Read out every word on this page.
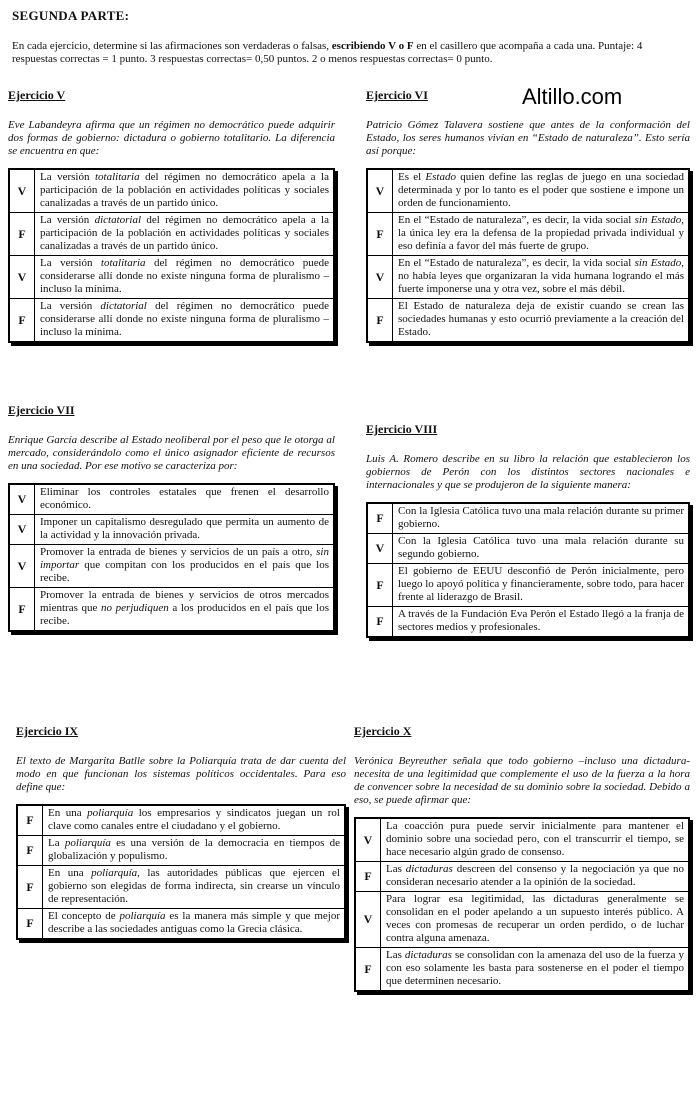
SEGUNDA PARTE:
En cada ejercicio, determine si las afirmaciones son verdaderas o falsas, escribiendo V o F en el casillero que acompaña a cada una. Puntaje: 4 respuestas correctas = 1 punto. 3 respuestas correctas= 0,50 puntos. 2 o menos respuestas correctas= 0 punto.
Altillo.com
Ejercicio V
Eve Labandeyra afirma que un régimen no democrático puede adquirir dos formas de gobierno: dictadura o gobierno totalitario. La diferencia se encuentra en que:
V	La versión totalitaria del régimen no democrático apela a la participación de la población en actividades políticas y sociales canalizadas a través de un partido único.
F	La versión dictatorial del régimen no democrático apela a la participación de la población en actividades políticas y sociales canalizadas a través de un partido único.
V	La versión totalitaria del régimen no democrático puede considerarse allí donde no existe ninguna forma de pluralismo –incluso la mínima.
F	La versión dictatorial del régimen no democrático puede considerarse allí donde no existe ninguna forma de pluralismo –incluso la mínima.
Ejercicio VI
Patricio Gómez Talavera sostiene que antes de la conformación del Estado, los seres humanos vivían en “Estado de naturaleza”. Esto sería así porque:
V	Es el Estado quien define las reglas de juego en una sociedad determinada y por lo tanto es el poder que sostiene e impone un orden de funcionamiento.
F	En el “Estado de naturaleza”, es decir, la vida social sin Estado, la única ley era la defensa de la propiedad privada individual y eso definía a favor del más fuerte de grupo.
V	En el “Estado de naturaleza”, es decir, la vida social sin Estado, no había leyes que organizaran la vida humana logrando el más fuerte imponerse una y otra vez, sobre el más débil.
F	El Estado de naturaleza deja de existir cuando se crean las sociedades humanas y esto ocurrió previamente a la creación del Estado.
Ejercicio VII
Enrique García describe al Estado neoliberal por el peso que le otorga al mercado, considerándolo como el único asignador eficiente de recursos en una sociedad. Por ese motivo se caracteriza por:
V	Eliminar los controles estatales que frenen el desarrollo económico.
V	Imponer un capitalismo desregulado que permita un aumento de la actividad y la innovación privada.
V	Promover la entrada de bienes y servicios de un país a otro, sin importar que compitan con los producidos en el país que los recibe.
F	Promover la entrada de bienes y servicios de otros mercados mientras que no perjudiquen a los producidos en el país que los recibe.
Ejercicio VIII
Luis A. Romero describe en su libro la relación que establecieron los gobiernos de Perón con los distintos sectores nacionales e internacionales y que se produjeron de la siguiente manera:
F	Con la Iglesia Católica tuvo una mala relación durante su primer gobierno.
V	Con la Iglesia Católica tuvo una mala relación durante su segundo gobierno.
F	El gobierno de EEUU desconfió de Perón inicialmente, pero luego lo apoyó política y financieramente, sobre todo, para hacer frente al liderazgo de Brasil.
F	A través de la Fundación Eva Perón el Estado llegó a la franja de sectores medios y profesionales.
Ejercicio IX
El texto de Margarita Batlle sobre la Poliarquía trata de dar cuenta del modo en que funcionan los sistemas políticos occidentales. Para eso define que:
F	En una poliarquía los empresarios y sindicatos juegan un rol clave como canales entre el ciudadano y el gobierno.
F	La poliarquía es una versión de la democracia en tiempos de globalización y populismo.
F	En una poliarquía, las autoridades públicas que ejercen el gobierno son elegidas de forma indirecta, sin crearse un vínculo de representación.
F	El concepto de poliarquía es la manera más simple y que mejor describe a las sociedades antiguas como la Grecia clásica.
Ejercicio X
Verónica Beyreuther señala que todo gobierno –incluso una dictadura- necesita de una legitimidad que complemente el uso de la fuerza a la hora de convencer sobre la necesidad de su dominio sobre la sociedad. Debido a eso, se puede afirmar que:
V	La coacción pura puede servir inicialmente para mantener el dominio sobre una sociedad pero, con el transcurrir el tiempo, se hace necesario algún grado de consenso.
F	Las dictaduras descreen del consenso y la negociación ya que no consideran necesario atender a la opinión de la sociedad.
V	Para lograr esa legitimidad, las dictaduras generalmente se consolidan en el poder apelando a un supuesto interés público. A veces con promesas de recuperar un orden perdido, o de luchar contra alguna amenaza.
F	Las dictaduras se consolidan con la amenaza del uso de la fuerza y con eso solamente les basta para sostenerse en el poder el tiempo que determinen necesario.
